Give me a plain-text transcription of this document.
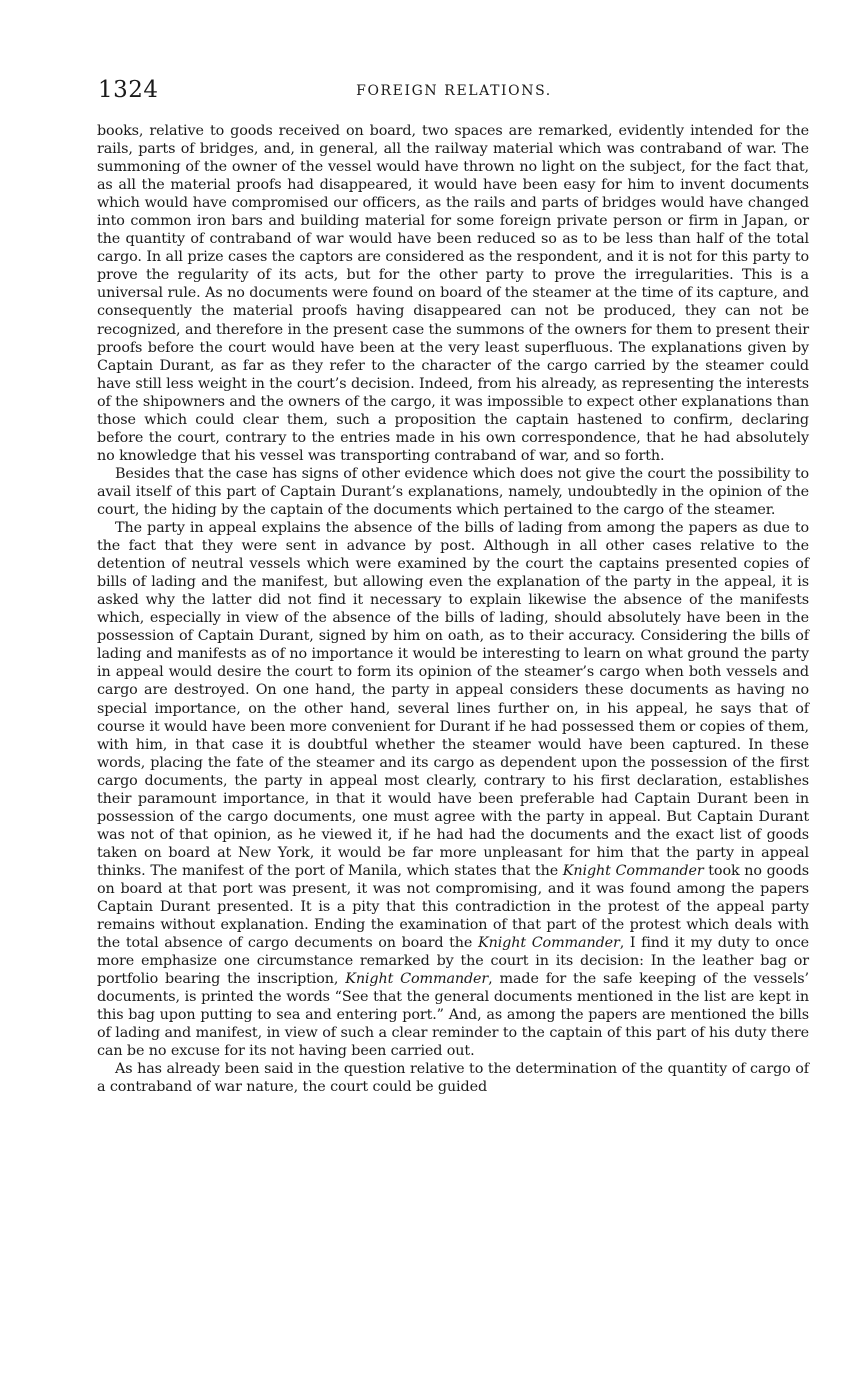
1324	FOREIGN RELATIONS.

books, relative to goods received on board, two spaces are remarked, evidently intended for the rails, parts of bridges, and, in general, all the railway material which was contraband of war. The summoning of the owner of the vessel would have thrown no light on the subject, for the fact that, as all the material proofs had disappeared, it would have been easy for him to invent documents which would have compromised our officers, as the rails and parts of bridges would have changed into common iron bars and building material for some foreign private person or firm in Japan, or the quantity of contraband of war would have been reduced so as to be less than half of the total cargo. In all prize cases the captors are considered as the respondent, and it is not for this party to prove the regularity of its acts, but for the other party to prove the irregularities. This is a universal rule. As no documents were found on board of the steamer at the time of its capture, and consequently the material proofs having disappeared can not be produced, they can not be recognized, and therefore in the present case the summons of the owners for them to present their proofs before the court would have been at the very least superfluous. The explanations given by Captain Durant, as far as they refer to the character of the cargo carried by the steamer could have still less weight in the court’s decision. Indeed, from his already, as representing the interests of the shipowners and the owners of the cargo, it was impossible to expect other explanations than those which could clear them, such a proposition the captain hastened to confirm, declaring before the court, contrary to the entries made in his own correspondence, that he had absolutely no knowledge that his vessel was transporting contraband of war, and so forth.

Besides that the case has signs of other evidence which does not give the court the possibility to avail itself of this part of Captain Durant’s explanations, namely, undoubtedly in the opinion of the court, the hiding by the captain of the documents which pertained to the cargo of the steamer.

The party in appeal explains the absence of the bills of lading from among the papers as due to the fact that they were sent in advance by post. Although in all other cases relative to the detention of neutral vessels which were examined by the court the captains presented copies of bills of lading and the manifest, but allowing even the explanation of the party in the appeal, it is asked why the latter did not find it necessary to explain likewise the absence of the manifests which, especially in view of the absence of the bills of lading, should absolutely have been in the possession of Captain Durant, signed by him on oath, as to their accuracy. Considering the bills of lading and manifests as of no importance it would be interesting to learn on what ground the party in appeal would desire the court to form its opinion of the steamer’s cargo when both vessels and cargo are destroyed. On one hand, the party in appeal considers these documents as having no special importance, on the other hand, several lines further on, in his appeal, he says that of course it would have been more convenient for Durant if he had possessed them or copies of them, with him, in that case it is doubtful whether the steamer would have been captured. In these words, placing the fate of the steamer and its cargo as dependent upon the possession of the first cargo documents, the party in appeal most clearly, contrary to his first declaration, establishes their paramount importance, in that it would have been preferable had Captain Durant been in possession of the cargo documents, one must agree with the party in appeal. But Captain Durant was not of that opinion, as he viewed it, if he had had the documents and the exact list of goods taken on board at New York, it would be far more unpleasant for him that the party in appeal thinks. The manifest of the port of Manila, which states that the Knight Commander took no goods on board at that port was present, it was not compromising, and it was found among the papers Captain Durant presented. It is a pity that this contradiction in the protest of the appeal party remains without explanation. Ending the examination of that part of the protest which deals with the total absence of cargo decuments on board the Knight Commander, I find it my duty to once more emphasize one circumstance remarked by the court in its decision: In the leather bag or portfolio bearing the inscription, Knight Commander, made for the safe keeping of the vessels’ documents, is printed the words “See that the general documents mentioned in the list are kept in this bag upon putting to sea and entering port.” And, as among the papers are mentioned the bills of lading and manifest, in view of such a clear reminder to the captain of this part of his duty there can be no excuse for its not having been carried out.

As has already been said in the question relative to the determination of the quantity of cargo of a contraband of war nature, the court could be guided
